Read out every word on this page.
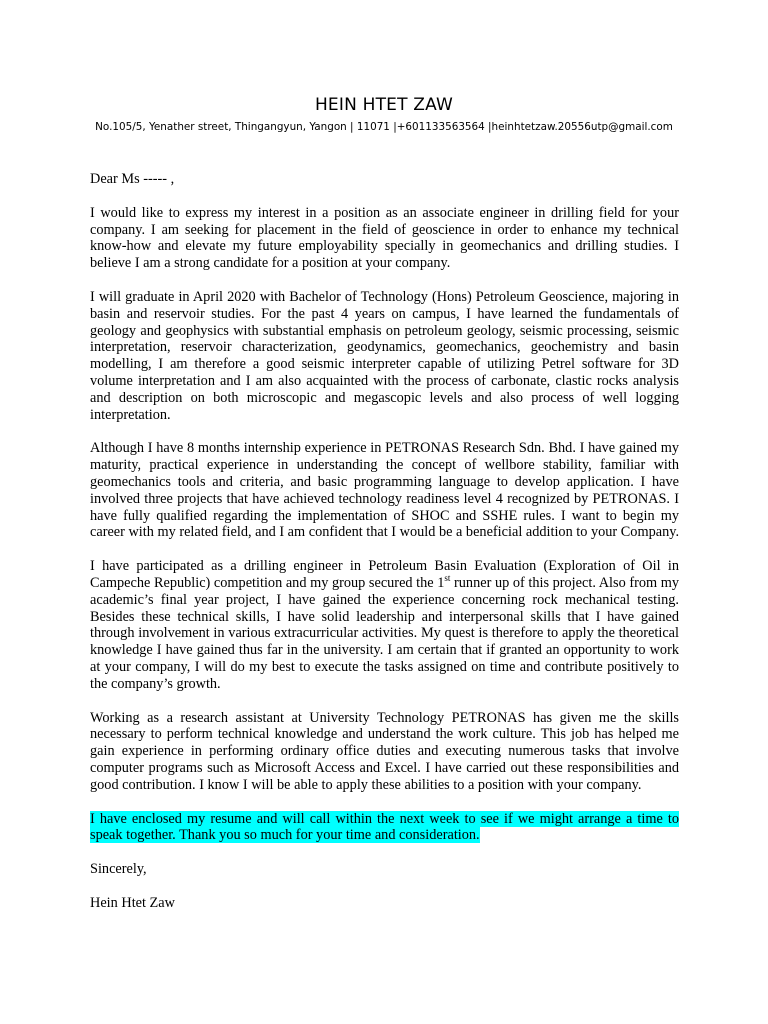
HEIN HTET ZAW

No.105/5, Yenather street, Thingangyun, Yangon | 11071 |+601133563564 |heinhtetzaw.20556utp@gmail.com

Dear Ms ----- ,

I would like to express my interest in a position as an associate engineer in drilling field for your company. I am seeking for placement in the field of geoscience in order to enhance my technical know-how and elevate my future employability specially in geomechanics and drilling studies. I believe I am a strong candidate for a position at your company.

I will graduate in April 2020 with Bachelor of Technology (Hons) Petroleum Geoscience, majoring in basin and reservoir studies. For the past 4 years on campus, I have learned the fundamentals of geology and geophysics with substantial emphasis on petroleum geology, seismic processing, seismic interpretation, reservoir characterization, geodynamics, geomechanics, geochemistry and basin modelling, I am therefore a good seismic interpreter capable of utilizing Petrel software for 3D volume interpretation and I am also acquainted with the process of carbonate, clastic rocks analysis and description on both microscopic and megascopic levels and also process of well logging interpretation.

Although I have 8 months internship experience in PETRONAS Research Sdn. Bhd. I have gained my maturity, practical experience in understanding the concept of wellbore stability, familiar with geomechanics tools and criteria, and basic programming language to develop application. I have involved three projects that have achieved technology readiness level 4 recognized by PETRONAS. I have fully qualified regarding the implementation of SHOC and SSHE rules. I want to begin my career with my related field, and I am confident that I would be a beneficial addition to your Company.

I have participated as a drilling engineer in Petroleum Basin Evaluation (Exploration of Oil in Campeche Republic) competition and my group secured the 1st runner up of this project. Also from my academic’s final year project, I have gained the experience concerning rock mechanical testing. Besides these technical skills, I have solid leadership and interpersonal skills that I have gained through involvement in various extracurricular activities. My quest is therefore to apply the theoretical knowledge I have gained thus far in the university. I am certain that if granted an opportunity to work at your company, I will do my best to execute the tasks assigned on time and contribute positively to the company’s growth.

Working as a research assistant at University Technology PETRONAS has given me the skills necessary to perform technical knowledge and understand the work culture. This job has helped me gain experience in performing ordinary office duties and executing numerous tasks that involve computer programs such as Microsoft Access and Excel. I have carried out these responsibilities and good contribution. I know I will be able to apply these abilities to a position with your company.

I have enclosed my resume and will call within the next week to see if we might arrange a time to speak together. Thank you so much for your time and consideration.

Sincerely,

Hein Htet Zaw
